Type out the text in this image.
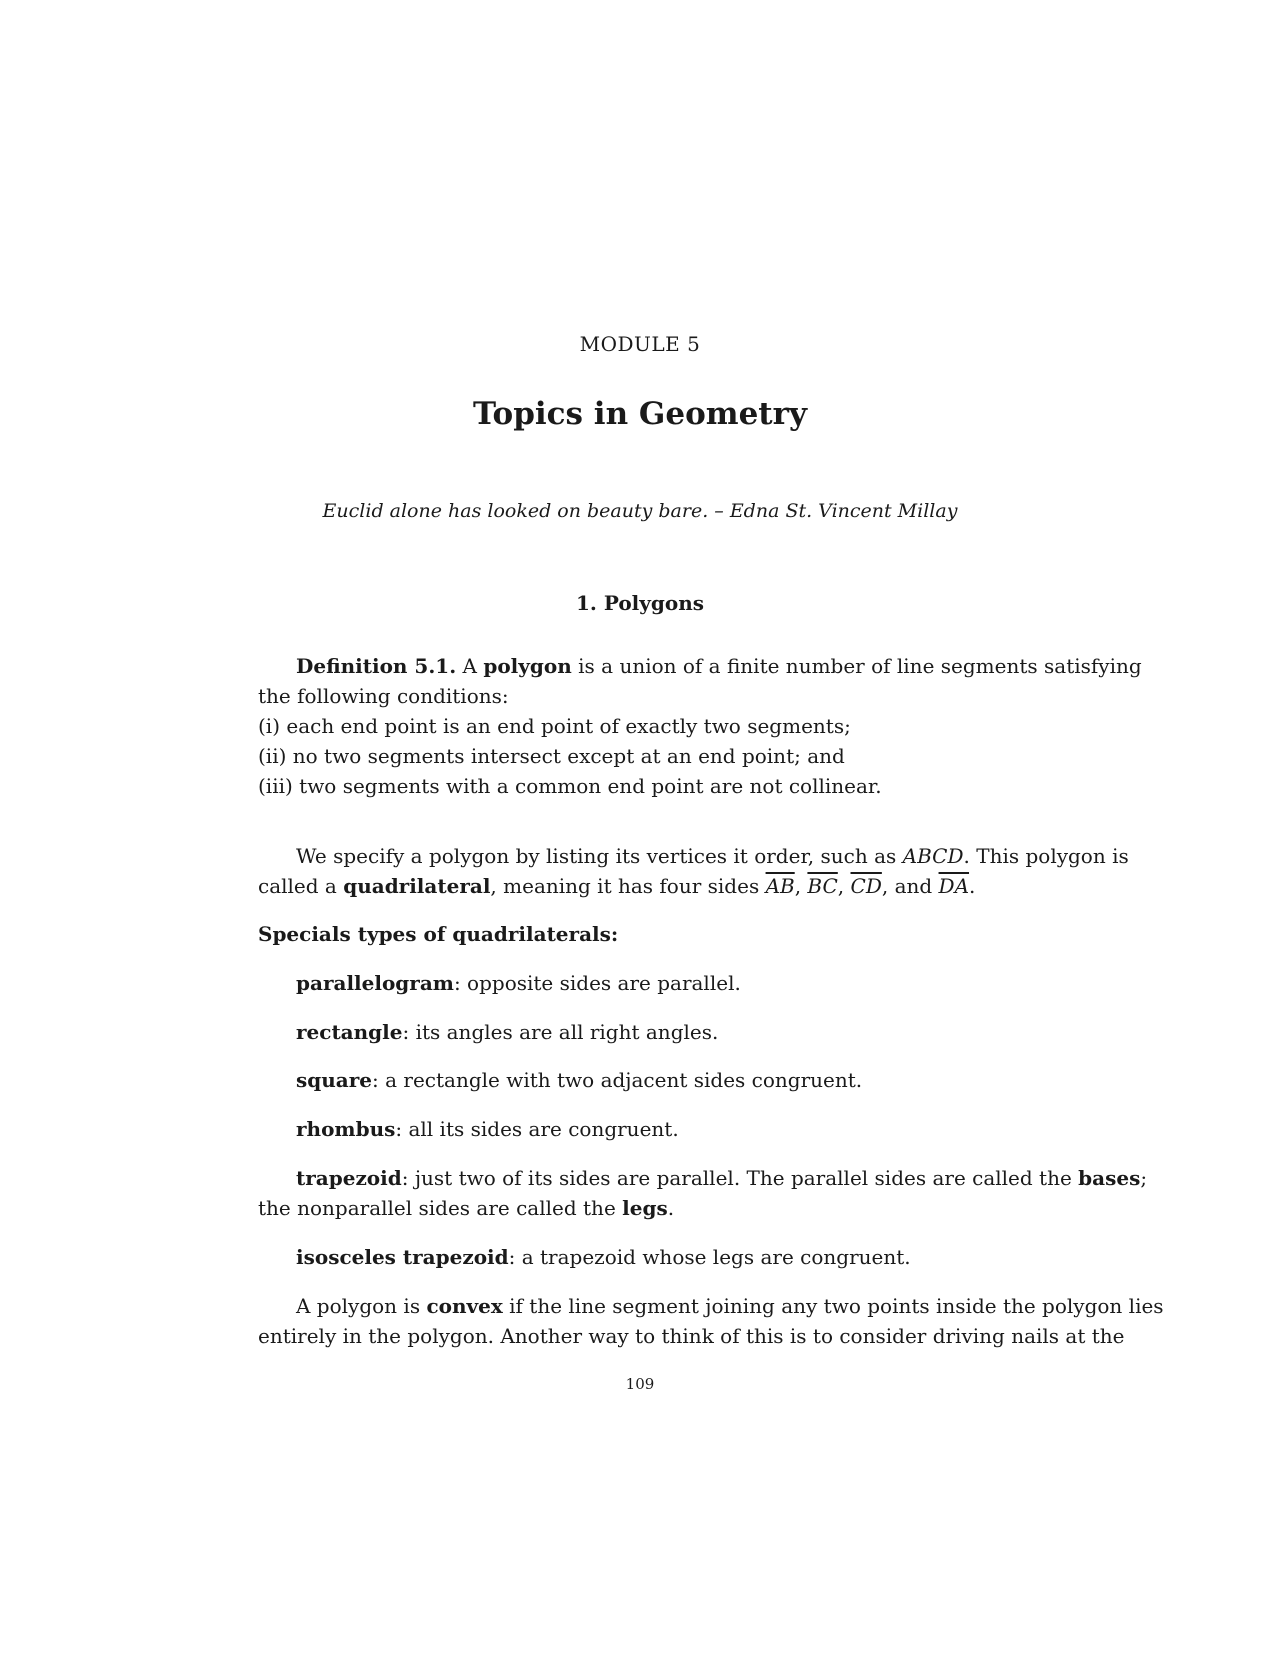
MODULE 5
Topics in Geometry
Euclid alone has looked on beauty bare. – Edna St. Vincent Millay
1. Polygons
Definition 5.1. A polygon is a union of a finite number of line segments satisfying
the following conditions:
(i) each end point is an end point of exactly two segments;
(ii) no two segments intersect except at an end point; and
(iii) two segments with a common end point are not collinear.
We specify a polygon by listing its vertices it order, such as ABCD. This polygon is
called a quadrilateral, meaning it has four sides $\overline{AB}$, $\overline{BC}$, $\overline{CD}$, and $\overline{DA}$.
Specials types of quadrilaterals:
parallelogram: opposite sides are parallel.
rectangle: its angles are all right angles.
square: a rectangle with two adjacent sides congruent.
rhombus: all its sides are congruent.
trapezoid: just two of its sides are parallel. The parallel sides are called the bases;
the nonparallel sides are called the legs.
isosceles trapezoid: a trapezoid whose legs are congruent.
A polygon is convex if the line segment joining any two points inside the polygon lies
entirely in the polygon. Another way to think of this is to consider driving nails at the
109
